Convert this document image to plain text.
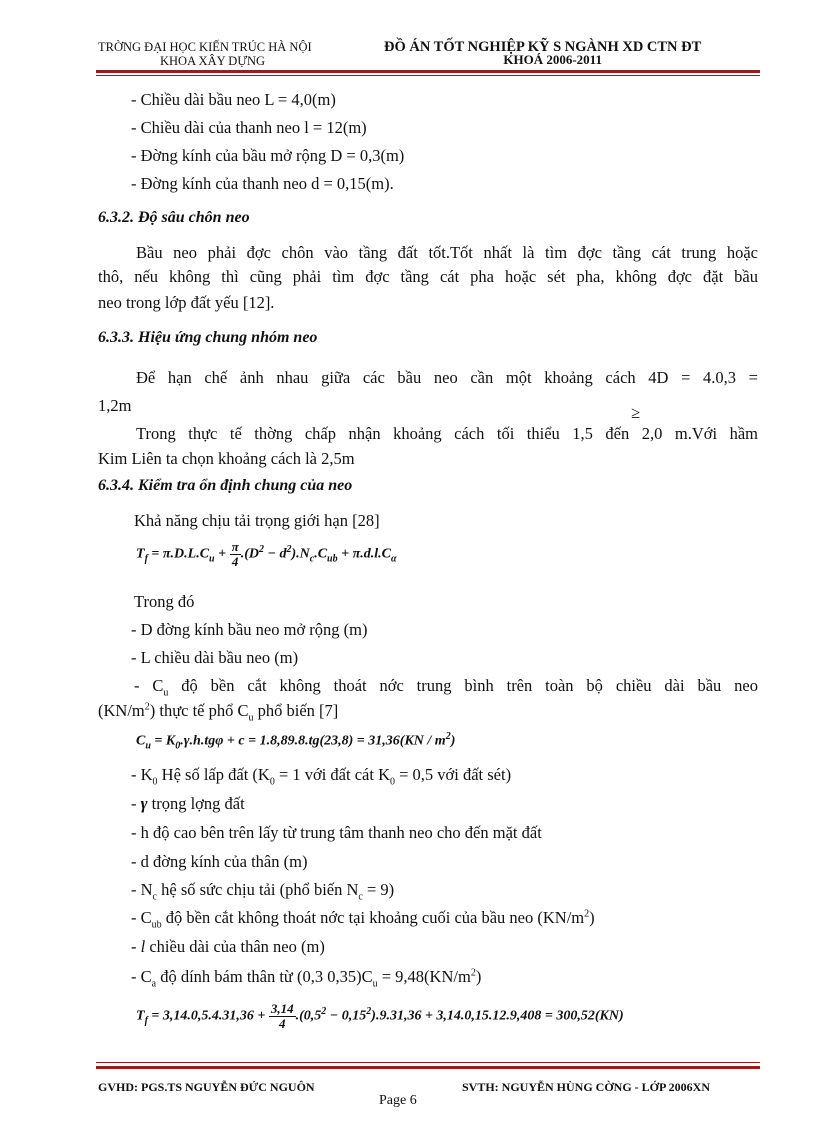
TRỜNG ĐẠI HỌC KIẾN TRÚC HÀ NỘI
KHOA XÂY DỰNG
ĐỒ ÁN TỐT NGHIỆP KỸ S NGÀNH XD CTN ĐT
KHOÁ 2006-2011
- Chiều dài bầu neo L = 4,0(m)
- Chiều dài của thanh neo l = 12(m)
- Đờng kính của bầu mở rộng D = 0,3(m)
- Đờng kính của thanh neo d = 0,15(m).
6.3.2. Độ sâu chôn neo
Bầu neo phải đợc chôn vào tầng đất tốt.Tốt nhất là tìm đợc tầng cát trung hoặc
thô, nếu không thì cũng phải tìm đợc tầng cát pha hoặc sét pha, không đợc đặt bầu
neo trong lớp đất yếu [12].
6.3.3. Hiệu ứng chung nhóm neo
Để hạn chế ảnh nhau giữa các bầu neo cần một khoảng cách 4D = 4.0,3 =
1,2m	≥
Trong thực tế thờng chấp nhận khoảng cách tối thiểu 1,5 đến 2,0 m.Với hầm
Kim Liên ta chọn khoảng cách là 2,5m
6.3.4. Kiểm tra ổn định chung của neo
Khả năng chịu tải trọng giới hạn [28]
$T_f = \pi.D.L.C_u + \frac{\pi}{4} .(D^2 - d^2).N_c.C_{ub} + \pi.d.l.C_\alpha$
Trong đó
- D đờng kính bầu neo mở rộng (m)
- L chiều dài bầu neo (m)
- $C_u$ độ bền cắt không thoát nớc trung bình trên toàn bộ chiều dài bầu neo
$(KN/m^2)$ thực tế phổ $C_u$ phổ biến [7]
$C_u = K_0.\gamma.h.tg\varphi + c = 1.8,89.8.tg(23,8) = 31,36(KN / m^2)$
- $K_0$ Hệ số lấp đất ($K_0 = 1$ với đất cát $K_0 = 0,5$ với đất sét)
- γ trọng lợng đất
- h độ cao bên trên lấy từ trung tâm thanh neo cho đến mặt đất
- d đờng kính của thân (m)
- $N_c$ hệ số sức chịu tải (phổ biến $N_c = 9$)
- $C_{ub}$ độ bền cắt không thoát nớc tại khoảng cuối của bầu neo $(KN/m^2)$
- l chiều dài của thân neo (m)
- $C_a$ độ dính bám thân từ (0,3 $0,35)C_u = 9,48(KN/m^2)$
$T_f = 3,14.0,5.4.31,36 + \frac{3,14}{4} .(0,5^2 - 0,15^2).9.31,36 + 3,14.0,15.12.9,408 = 300,52(KN)$
GVHD: PGS.TS NGUYỄN ĐỨC NGUÔN	SVTH: NGUYỄN HÙNG CỜNG - LỚP 2006XN
Page 6
